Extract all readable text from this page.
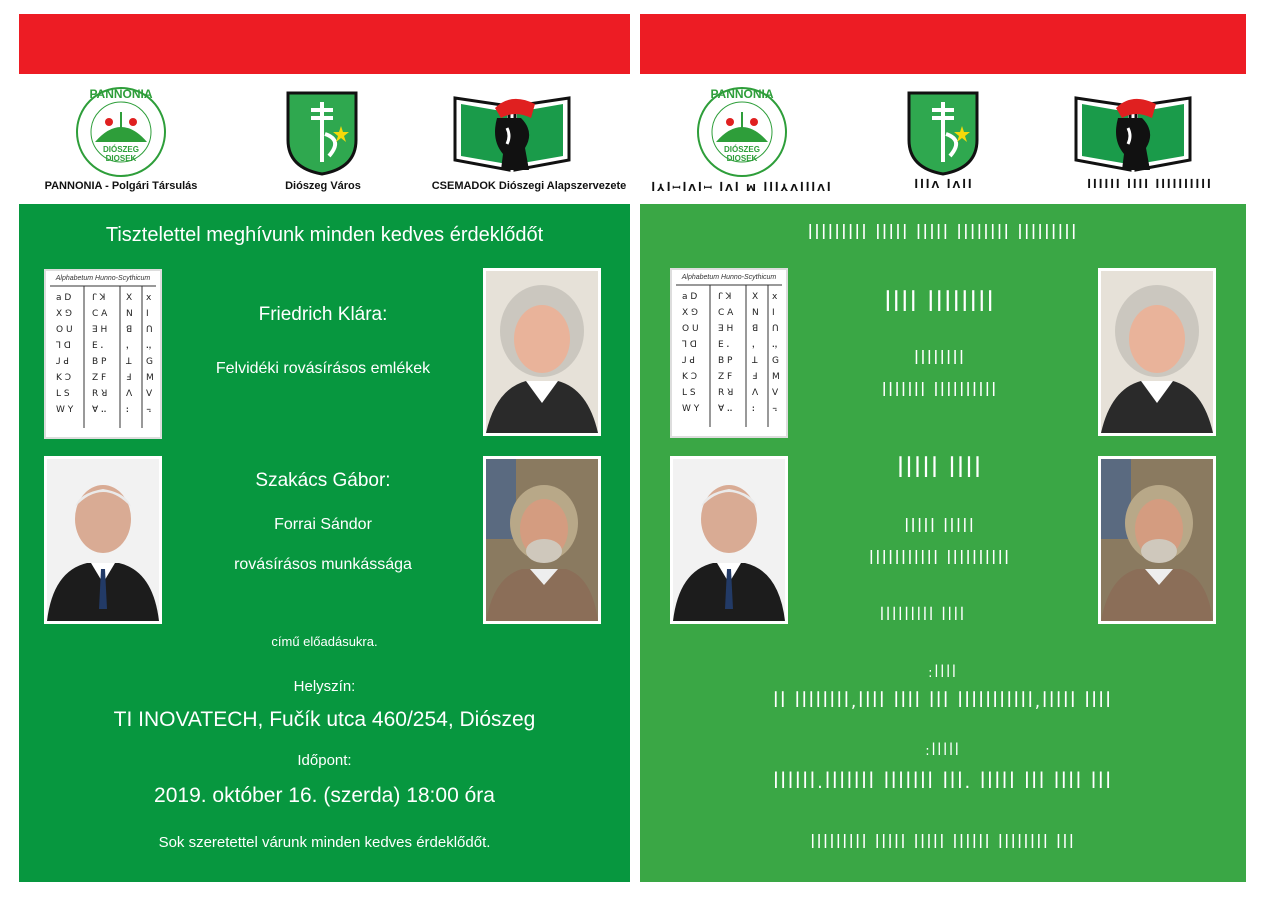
PANNONIA
DIÓSZEG
DIOSEK
PANNONIA - Polgári Társulás	Diószeg Város	CSEMADOK Diószegi Alapszervezete
Tisztelettel meghívunk minden kedves érdeklődőt
Alphabetum Hunno-Scythicum
a ꓓ ꓩ ꓘ ꓫ x
X ꓨ ꓚ ꓮ ꓠ ꓲ
ꓳ ꓴ ꓱ ꓧ ꓭ ꓵ
ꓶ ꓷ ꓰ ꓸ	ꓹ ꓻ
ꓙ ꓒ	ꓐ ꓑ ꓕ ꓖ
ꓗ ꓛ ꓜ ꓝ ꓞ ꓟ
ꓡ ꓢ ꓣ ꓤ ꓥ ꓦ
ꓪ ꓬ ꓯ ꓺ ꓽ ꓾
Friedrich Klára:
Felvidéki rovásírásos emlékek
Szakács Gábor:
Forrai Sándor
rovásírásos munkássága
című előadásukra.
Helyszín:
TI INOVATECH, Fučík utca 460/254, Diószeg
Időpont:
2019. október 16. (szerda) 18:00 óra
Sok szeretettel várunk minden kedves érdeklődőt.
PANNONIA
DIÓSZEG
DIOSEK
ꟾ⅄ꟾꟷꟾɅꟾꟷ ꟾɅꟾ ꟽ ꟾꟾꟾ⅄ɅꟾꟾꟾɅꟾ	ꟾꟾꟾɅ ꟾɅꟾꟾ	ꟾꟾꟾꟾꟾꟾ ꟾꟾꟾꟾ ꟾꟾꟾꟾꟾꟾꟾꟾꟾꟾ
ꟾꟾꟾꟾꟾꟾꟾꟾꟾ ꟾꟾꟾꟾꟾ ꟾꟾꟾꟾꟾ ꟾꟾꟾꟾꟾꟾꟾꟾ ꟾꟾꟾꟾꟾꟾꟾꟾꟾ
Alphabetum Hunno-Scythicum
a ꓓ ꓩ ꓘ ꓫ x
X ꓨ ꓚ ꓮ ꓠ ꓲ
ꓳ ꓴ ꓱ ꓧ ꓭ ꓵ
ꓶ ꓷ ꓰ ꓸ	ꓹ ꓻ
ꓙ ꓒ	ꓐ ꓑ ꓕ ꓖ
ꓗ ꓛ ꓜ ꓝ ꓞ ꓟ
ꓡ ꓢ ꓣ ꓤ ꓥ ꓦ
ꓪ ꓬ ꓯ ꓺ ꓽ ꓾
ꟾꟾꟾꟾ ꟾꟾꟾꟾꟾꟾꟾꟾ
ꟾꟾꟾꟾꟾꟾꟾꟾ
ꟾꟾꟾꟾꟾꟾꟾ ꟾꟾꟾꟾꟾꟾꟾꟾꟾꟾ
ꟾꟾꟾꟾꟾ ꟾꟾꟾꟾ
ꟾꟾꟾꟾꟾ ꟾꟾꟾꟾꟾ
ꟾꟾꟾꟾꟾꟾꟾꟾꟾꟾꟾ ꟾꟾꟾꟾꟾꟾꟾꟾꟾꟾ
ꟾꟾꟾꟾꟾꟾꟾꟾꟾ ꟾꟾꟾꟾ
:ꟾꟾꟾꟾ
ꟾꟾ ꟾꟾꟾꟾꟾꟾꟾꟾ,ꟾꟾꟾꟾ ꟾꟾꟾꟾ ꟾꟾꟾ ꟾꟾꟾꟾꟾꟾꟾꟾꟾꟾꟾ,ꟾꟾꟾꟾꟾ ꟾꟾꟾꟾ
:ꟾꟾꟾꟾꟾ
ꟾꟾꟾꟾꟾꟾ.ꟾꟾꟾꟾꟾꟾꟾ ꟾꟾꟾꟾꟾꟾꟾ ꟾꟾꟾ. ꟾꟾꟾꟾꟾ ꟾꟾꟾ ꟾꟾꟾꟾ ꟾꟾꟾ
ꟾꟾꟾꟾꟾꟾꟾꟾꟾ ꟾꟾꟾꟾꟾ ꟾꟾꟾꟾꟾ ꟾꟾꟾꟾꟾꟾ ꟾꟾꟾꟾꟾꟾꟾꟾ ꟾꟾꟾ
